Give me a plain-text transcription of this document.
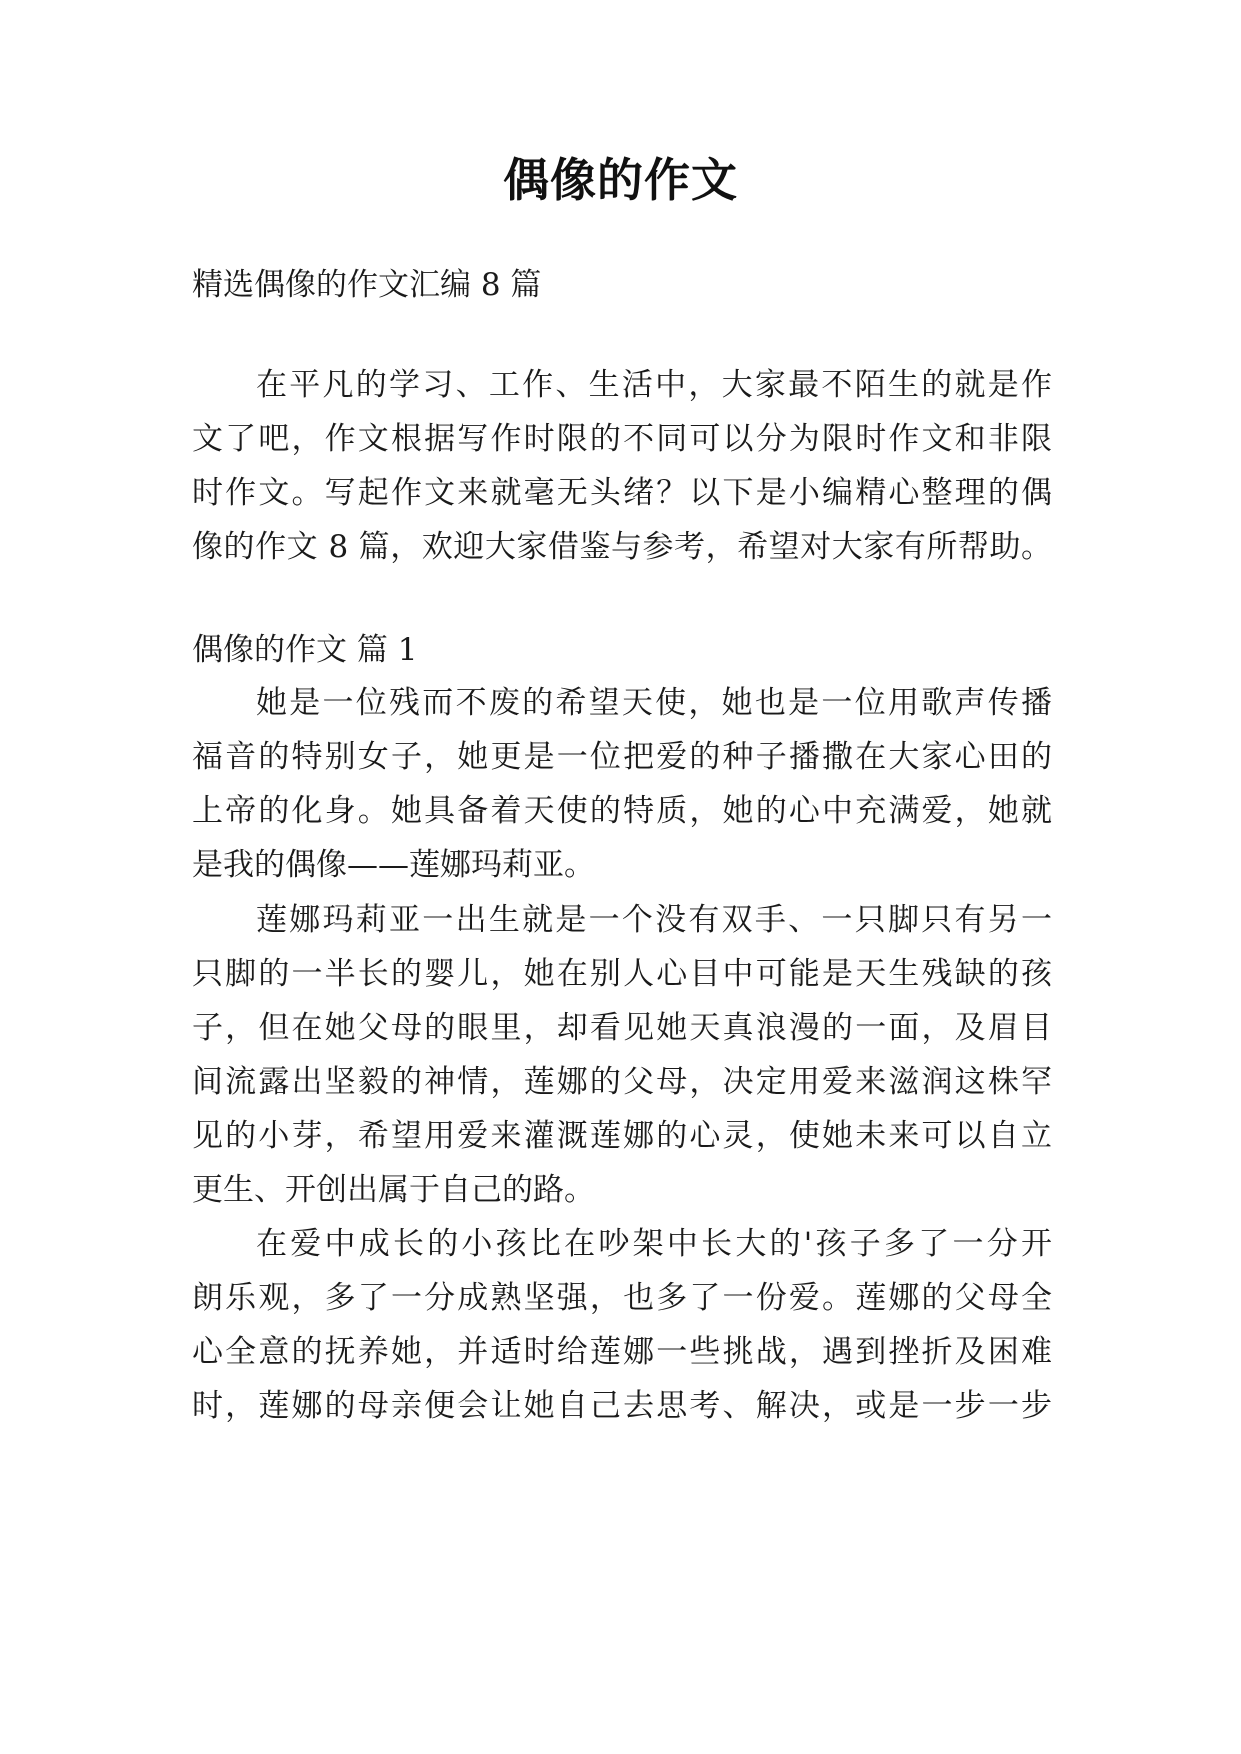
偶像的作文
精选偶像的作文汇编 8 篇
在平凡的学习、工作、生活中，大家最不陌生的就是作
文了吧，作文根据写作时限的不同可以分为限时作文和非限
时作文。写起作文来就毫无头绪？以下是小编精心整理的偶
像的作文 8 篇，欢迎大家借鉴与参考，希望对大家有所帮助。
偶像的作文 篇 1
她是一位残而不废的希望天使，她也是一位用歌声传播
福音的特别女子，她更是一位把爱的种子播撒在大家心田的
上帝的化身。她具备着天使的特质，她的心中充满爱，她就
是我的偶像——莲娜玛莉亚。
莲娜玛莉亚一出生就是一个没有双手、一只脚只有另一
只脚的一半长的婴儿，她在别人心目中可能是天生残缺的孩
子，但在她父母的眼里，却看见她天真浪漫的一面，及眉目
间流露出坚毅的神情，莲娜的父母，决定用爱来滋润这株罕
见的小芽，希望用爱来灌溉莲娜的心灵，使她未来可以自立
更生、开创出属于自己的路。
在爱中成长的小孩比在吵架中长大的'孩子多了一分开
朗乐观，多了一分成熟坚强，也多了一份爱。莲娜的父母全
心全意的抚养她，并适时给莲娜一些挑战，遇到挫折及困难
时，莲娜的母亲便会让她自己去思考、解决，或是一步一步
